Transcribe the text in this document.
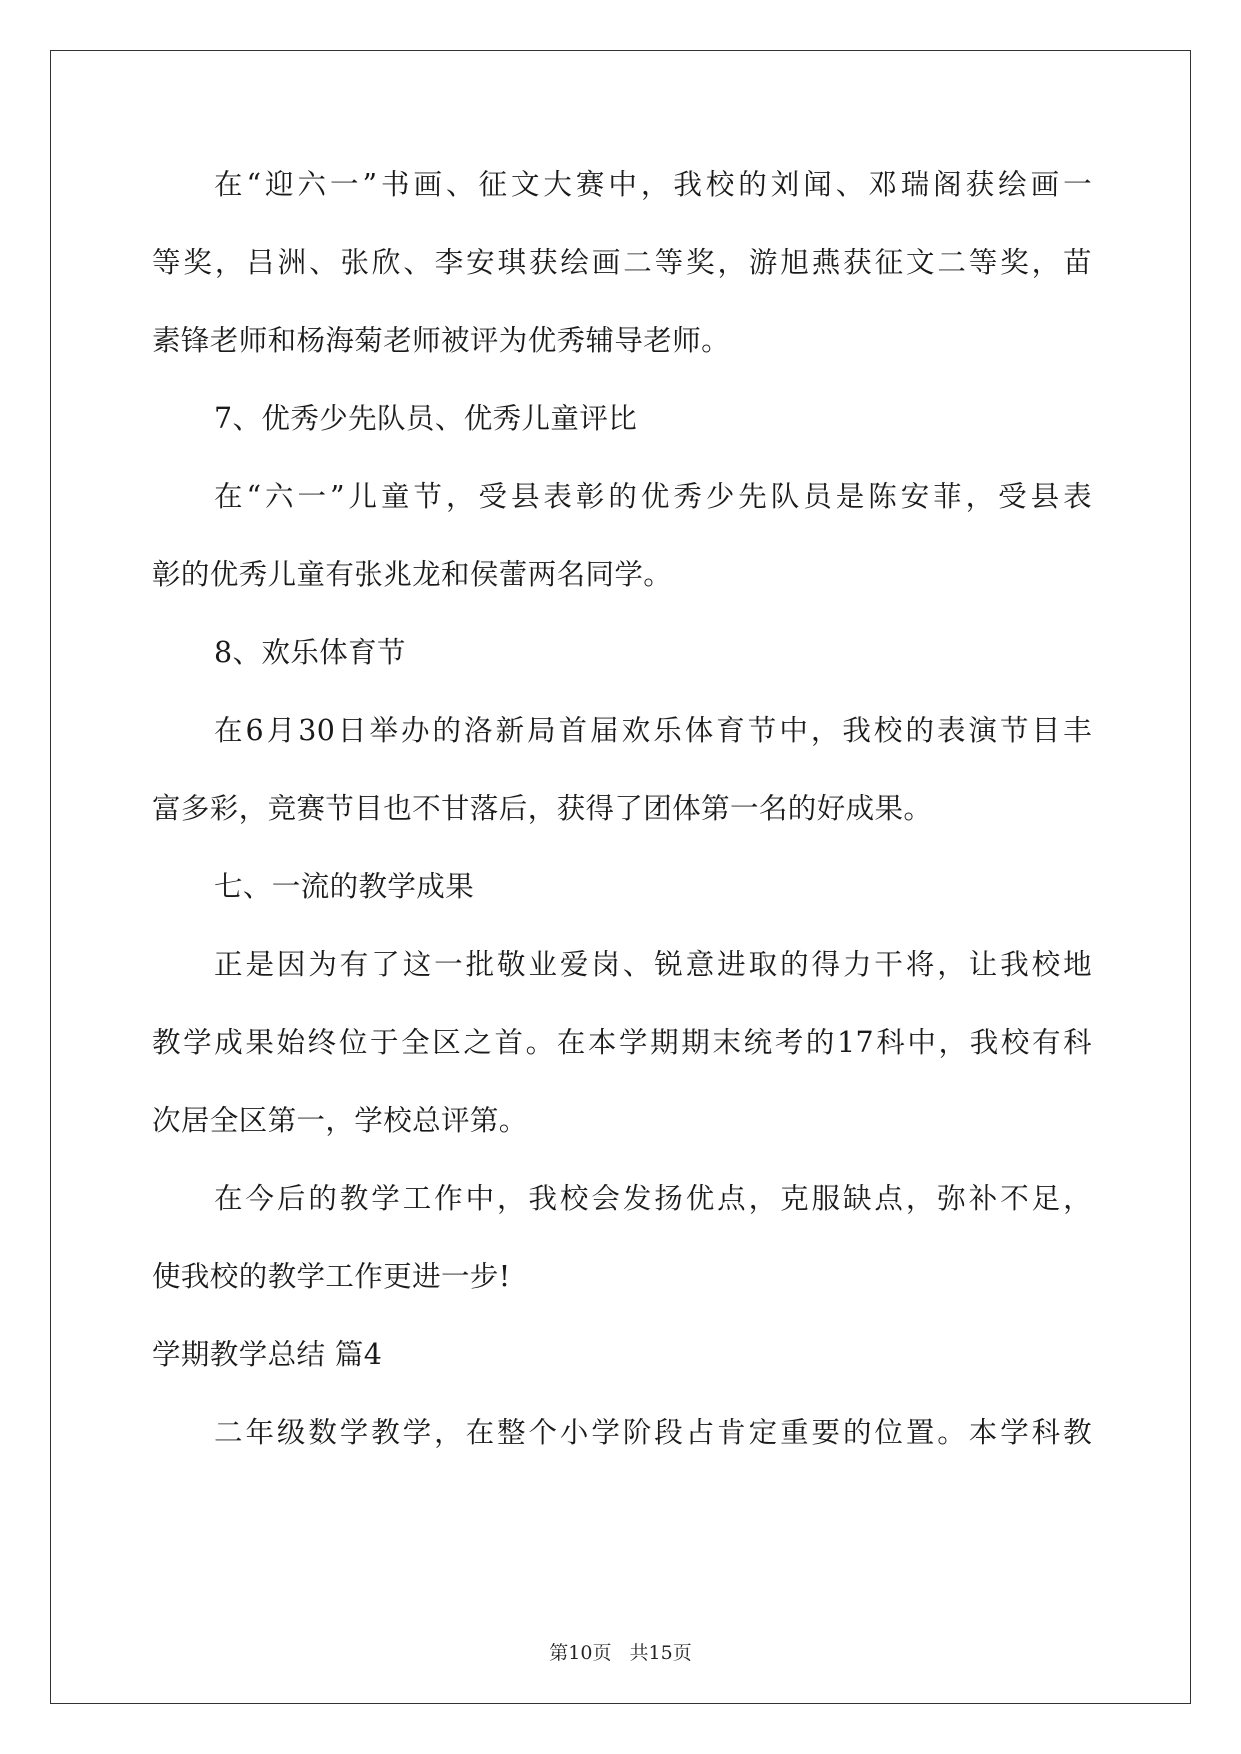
在“迎六一”书画、征文大赛中，我校的刘闻、邓瑞阁获绘画一
等奖，吕洲、张欣、李安琪获绘画二等奖，游旭燕获征文二等奖，苗
素锋老师和杨海菊老师被评为优秀辅导老师。
7、优秀少先队员、优秀儿童评比
在“六一”儿童节，受县表彰的优秀少先队员是陈安菲，受县表
彰的优秀儿童有张兆龙和侯蕾两名同学。
8、欢乐体育节
在6月30日举办的洛新局首届欢乐体育节中，我校的表演节目丰
富多彩，竞赛节目也不甘落后，获得了团体第一名的好成果。
七、一流的教学成果
正是因为有了这一批敬业爱岗、锐意进取的得力干将，让我校地
教学成果始终位于全区之首。在本学期期末统考的17科中，我校有科
次居全区第一，学校总评第。
在今后的教学工作中，我校会发扬优点，克服缺点，弥补不足，
使我校的教学工作更进一步!
学期教学总结 篇4
二年级数学教学，在整个小学阶段占肯定重要的位置。本学科教
第10页 共15页
